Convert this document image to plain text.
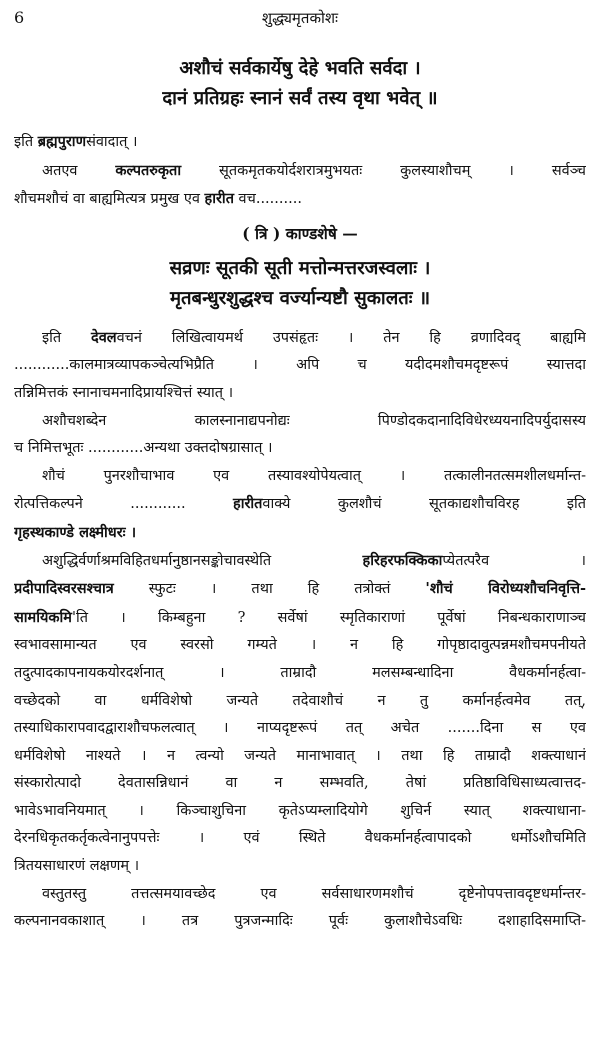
6	शुद्ध्यमृतकोशः
अशौचं सर्वकार्येषु देहे भवति सर्वदा ।
दानं प्रतिग्रहः स्नानं सर्वं तस्य वृथा भवेत् ॥
इति ब्रह्मपुराणसंवादात् ।
अतएव कल्पतरुकृता सूतकमृतकयोर्दशरात्रमुभयतः कुलस्याशौचम् । सर्वञ्च
शौचमशौचं वा बाह्यमित्यत्र प्रमुख एव हारीत वच..........
( त्रि ) काण्डशेषे —
सव्रणः सूतकी सूती मत्तोन्मत्तरजस्वलाः ।
मृतबन्धुरशुद्धश्च वर्ज्यान्यष्टौ सुकालतः ॥
इति देवलवचनं लिखित्वायमर्थ उपसंहृतः । तेन हि व्रणादिवद् बाह्यमि
............कालमात्रव्यापकञ्चेत्यभिप्रैति । अपि च यदीदमशौचमदृष्टरूपं स्यात्तदा
तन्निमित्तकं स्नानाचमनादिप्रायश्चित्तं स्यात् ।
अशौचशब्देन कालस्नानाद्यपनोद्यः पिण्डोदकदानादिविधेरध्ययनादिपर्युदासस्य
च निमित्तभूतः ............अन्यथा उक्तदोषग्रासात् ।
शौचं पुनरशौचाभाव एव तस्यावश्योपेयत्वात् । तत्कालीनतत्समशीलधर्मान्त-
रोत्पत्तिकल्पने ............ हारीतवाक्ये कुलशौचं सूतकाद्यशौचविरह इति
गृहस्थकाण्डे लक्ष्मीधरः ।
अशुद्धिर्वर्णाश्रमविहितधर्मानुष्ठानसङ्कोचावस्थेति हरिहरफक्किकाप्येतत्परैव ।
प्रदीपादिस्वरसश्चात्र स्फुटः । तथा हि तत्रोक्तं 'शौचं विरोध्यशौचनिवृत्ति-
सामयिकमि'ति । किम्बहुना ? सर्वेषां स्मृतिकाराणां पूर्वेषां निबन्धकाराणाञ्च
स्वभावसामान्यत एव स्वरसो गम्यते । न हि गोपृष्ठादावुत्पन्नमशौचमपनीयते
तदुत्पादकापनायकयोरदर्शनात् । ताम्रादौ मलसम्बन्धादिना वैधकर्मानर्हत्वा-
वच्छेदको वा धर्मविशेषो जन्यते तदेवाशौचं न तु कर्मानर्हत्वमेव तत्,
तस्याधिकारापवादद्वाराशौचफलत्वात् । नाप्यदृष्टरूपं तत् अचेत .......दिना स एव
धर्मविशेषो नाश्यते । न त्वन्यो जन्यते मानाभावात् । तथा हि ताम्रादौ शक्त्याधानं
संस्कारोत्पादो देवतासन्निधानं वा न सम्भवति, तेषां प्रतिष्ठाविधिसाध्यत्वात्तद-
भावेऽभावनियमात् । किञ्चाशुचिना कृतेऽप्यम्लादियोगे शुचिर्न स्यात् शक्त्याधाना-
देरनधिकृतकर्तृकत्वेनानुपपत्तेः । एवं स्थिते वैधकर्मानर्हत्वापादको धर्मोऽशौचमिति
त्रितयसाधारणं लक्षणम् ।
वस्तुतस्तु तत्तत्समयावच्छेद एव सर्वसाधारणमशौचं दृष्टेनोपपत्तावदृष्टधर्मान्तर-
कल्पनानवकाशात् । तत्र पुत्रजन्मादिः पूर्वः कुलाशौचेऽवधिः दशाहादिसमाप्ति-
